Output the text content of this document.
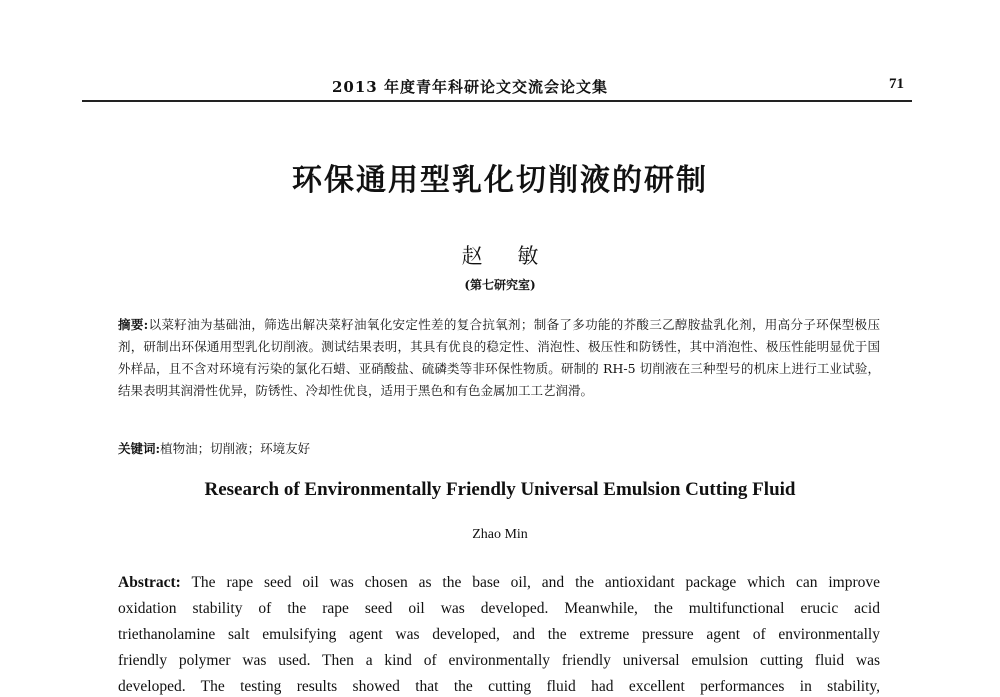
2013 年度青年科研论文交流会论文集	71
环保通用型乳化切削液的研制
赵 敏
(第七研究室)
摘要:以菜籽油为基础油，筛选出解决菜籽油氧化安定性差的复合抗氧剂；制备了多功能的芥酸三乙醇胺盐乳化剂，用高分子环保型极压剂，研制出环保通用型乳化切削液。测试结果表明，其具有优良的稳定性、消泡性、极压性和防锈性，其中消泡性、极压性能明显优于国外样品，且不含对环境有污染的氯化石蜡、亚硝酸盐、硫磷类等非环保性物质。研制的 RH-5 切削液在三种型号的机床上进行工业试验，结果表明其润滑性优异，防锈性、冷却性优良，适用于黑色和有色金属加工工艺润滑。
关键词:植物油；切削液；环境友好
Research of Environmentally Friendly Universal Emulsion Cutting Fluid
Zhao Min
Abstract: The rape seed oil was chosen as the base oil, and the antioxidant package which can improve
oxidation stability of the rape seed oil was developed. Meanwhile, the multifunctional erucic acid
triethanolamine salt emulsifying agent was developed, and the extreme pressure agent of environmentally
friendly polymer was used. Then a kind of environmentally friendly universal emulsion cutting fluid was
developed. The testing results showed that the cutting fluid had excellent performances in stability,
